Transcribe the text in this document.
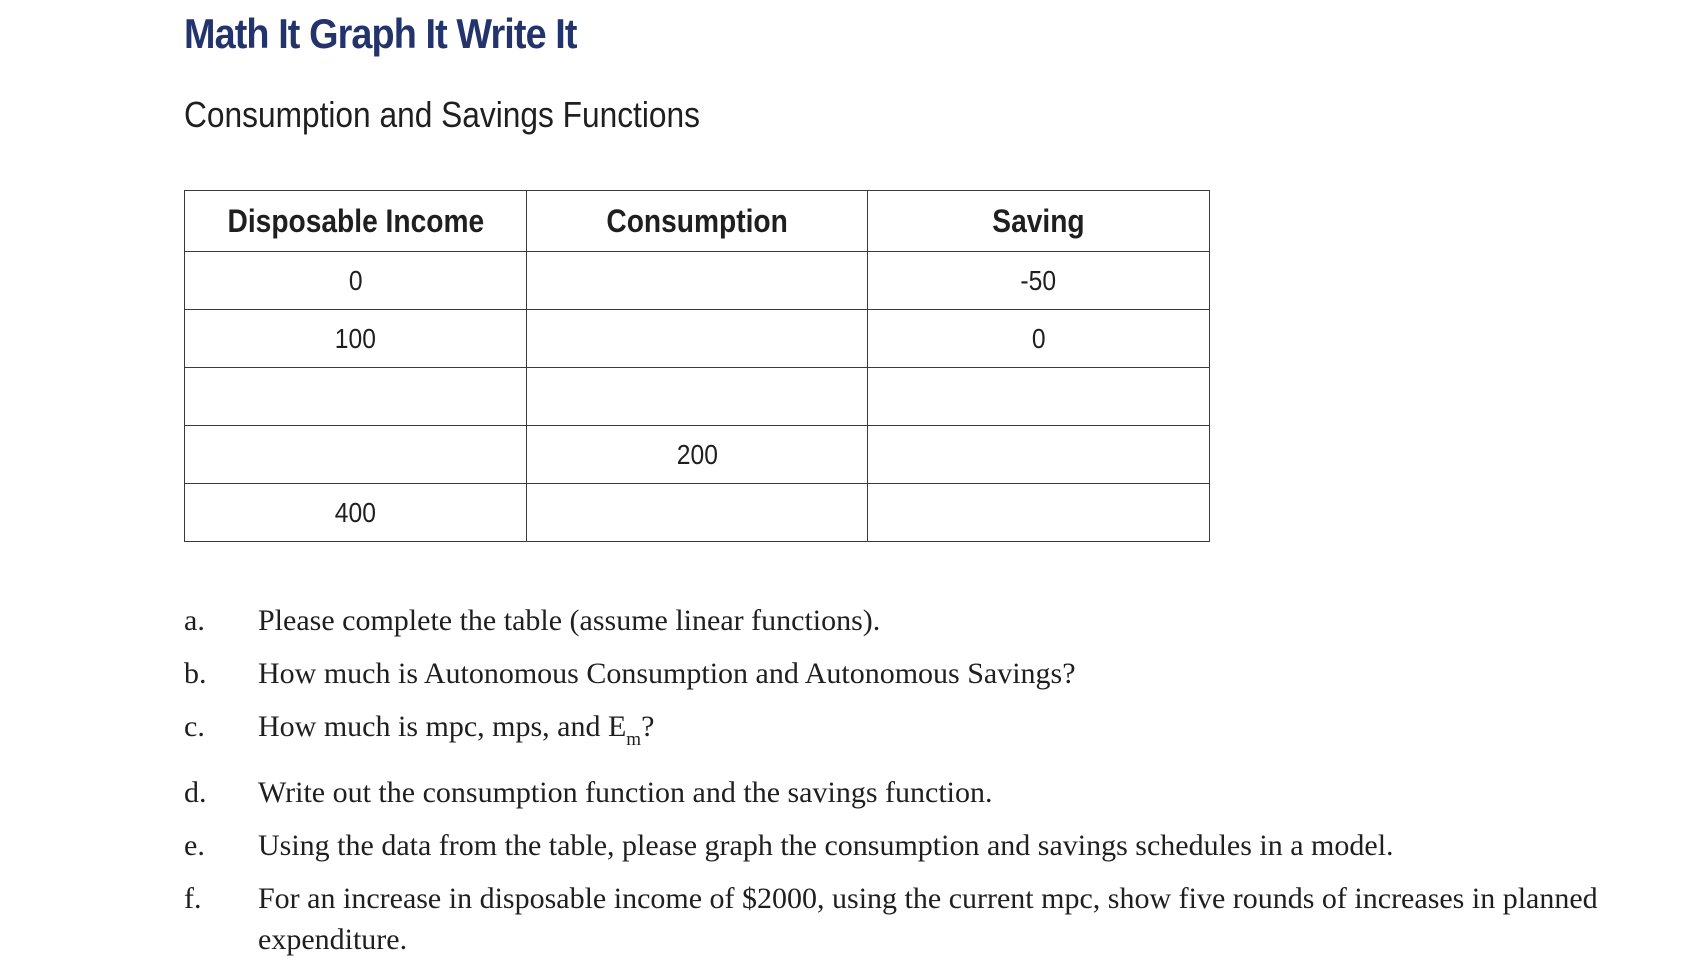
Math It Graph It Write It
Consumption and Savings Functions
Disposable Income	Consumption	Saving
0		-50
100		0

	200	
400		
a.	Please complete the table (assume linear functions).
b.	How much is Autonomous Consumption and Autonomous Savings?
c.	How much is mpc, mps, and $E_m$?
d.	Write out the consumption function and the savings function.
e.	Using the data from the table, please graph the consumption and savings schedules in a model.
f.	For an increase in disposable income of $2000, using the current mpc, show five rounds of increases in planned expenditure.
